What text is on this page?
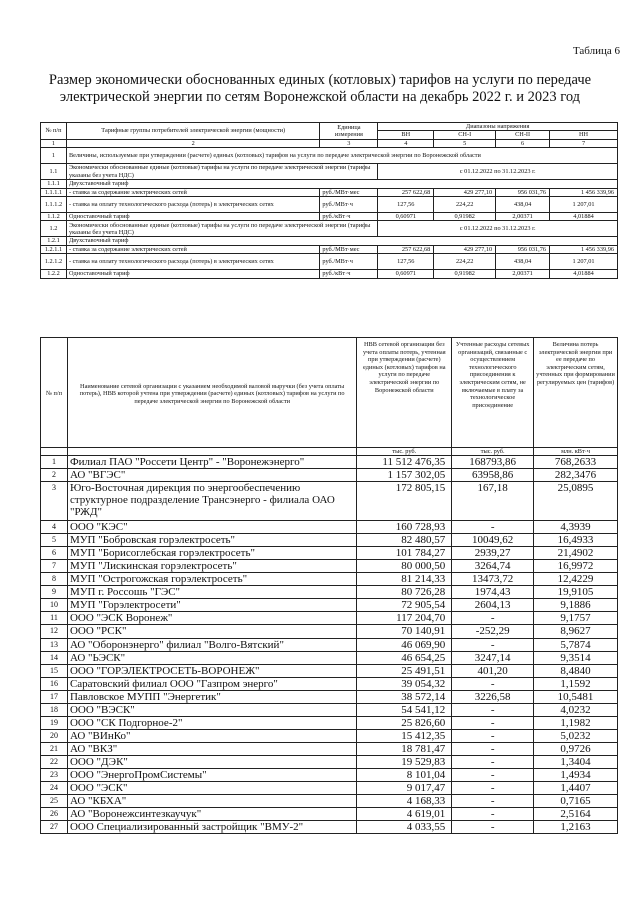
Таблица 6
Размер экономически обоснованных единых (котловых) тарифов на услуги по передаче электрической энергии по сетям Воронежской области на декабрь 2022 г. и 2023 год
№ п/п	Тарифные группы потребителей электрической энергии (мощности)	Единица измерения	Диапазоны напряжения			
			ВН	СН-I	СН-II	НН
1	2	3	4	5	6	7
1	Величины, используемые при утверждении (расчете) единых (котловых) тарифов на услуги по передаче электрической энергии по Воронежской области					
1.1	Экономически обоснованные единые (котловые) тарифы на услуги по передаче электрической энергии (тарифы указаны без учета НДС)		с 01.12.2022 по 31.12.2023 г.			
1.1.1	Двухставочный тариф					
1.1.1.1	- ставка за содержание электрических сетей	руб./МВт·мес	257 622,68	429 277,10	956 031,76	1 456 339,96
1.1.1.2	- ставка на оплату технологического расхода (потерь) в электрических сетях	руб./МВт·ч	127,56	224,22	438,04	1 207,01
1.1.2	Одноставочный тариф	руб./кВт·ч	0,60971	0,91982	2,00371	4,01884
1.2	Экономически обоснованные единые (котловые) тарифы на услуги по передаче электрической энергии (тарифы указаны без учета НДС)		с 01.12.2022 по 31.12.2023 г.			
1.2.1	Двухставочный тариф					
1.2.1.1	- ставка за содержание электрических сетей	руб./МВт·мес	257 622,68	429 277,10	956 031,76	1 456 339,96
1.2.1.2	- ставка на оплату технологического расхода (потерь) в электрических сетях	руб./МВт·ч	127,56	224,22	438,04	1 207,01
1.2.2	Одноставочный тариф	руб./кВт·ч	0,60971	0,91982	2,00371	4,01884
№ п/п	Наименование сетевой организации с указанием необходимой валовой выручки (без учета оплаты потерь), НВВ которой учтена при утверждении (расчете) единых (котловых) тарифов на услуги по передаче электрической энергии по Воронежской области	НВВ сетевой организации без учета оплаты потерь, учтенная при утверждении (расчете) единых (котловых) тарифов на услуги по передаче электрической энергии по Воронежской области	Учтенные расходы сетевых организаций, связанные с осуществлением технологического присоединения к электрическим сетям, не включаемые в плату за технологическое присоединение	Величина потерь электрической энергии при ее передаче по электрическим сетям, учтенных при формировании регулируемых цен (тарифов)
		тыс. руб.	тыс. руб.	млн. кВт·ч
1	Филиал ПАО "Россети Центр" - "Воронежэнерго"	11 512 476,35	168793,86	768,2633
2	АО "ВГЭС"	1 157 302,05	63958,86	282,3476
3	Юго-Восточная дирекция по энергообеспечению структурное подразделение Трансэнерго - филиала ОАО "РЖД"	172 805,15	167,18	25,0895
4	ООО "КЭС"	160 728,93	-	4,3939
5	МУП "Бобровская горэлектросеть"	82 480,57	10049,62	16,4933
6	МУП "Борисоглебская горэлектросеть"	101 784,27	2939,27	21,4902
7	МУП "Лискинская горэлектросеть"	80 000,50	3264,74	16,9972
8	МУП "Острогожская горэлектросеть"	81 214,33	13473,72	12,4229
9	МУП г. Россошь "ГЭС"	80 726,28	1974,43	19,9105
10	МУП "Горэлектросети"	72 905,54	2604,13	9,1886
11	ООО "ЭСК Воронеж"	117 204,70	-	9,1757
12	ООО "РСК"	70 140,91	-252,29	8,9627
13	АО "Оборонэнерго" филиал "Волго-Вятский"	46 069,90	-	5,7874
14	АО "ЬЭСК"	46 654,25	3247,14	9,3514
15	ООО "ГОРЭЛЕКТРОСЕТЬ-ВОРОНЕЖ"	25 491,51	401,20	8,4840
16	Саратовский филиал ООО "Газпром энерго"	39 054,32	-	1,1592
17	Павловское МУПП "Энергетик"	38 572,14	3226,58	10,5481
18	ООО "ВЭСК"	54 541,12	-	4,0232
19	ООО "СК Подгорное-2"	25 826,60	-	1,1982
20	АО "ВИнКо"	15 412,35	-	5,0232
21	АО "ВКЗ"	18 781,47	-	0,9726
22	ООО "ДЭК"	19 529,83	-	1,3404
23	ООО "ЭнергоПромСистемы"	8 101,04	-	1,4934
24	ООО "ЭСК"	9 017,47	-	1,4407
25	АО "КБХА"	4 168,33	-	0,7165
26	АО "Воронежсинтезкаучук"	4 619,01	-	2,5164
27	ООО Специализированный застройщик "ВМУ-2"	4 033,55	-	1,2163
